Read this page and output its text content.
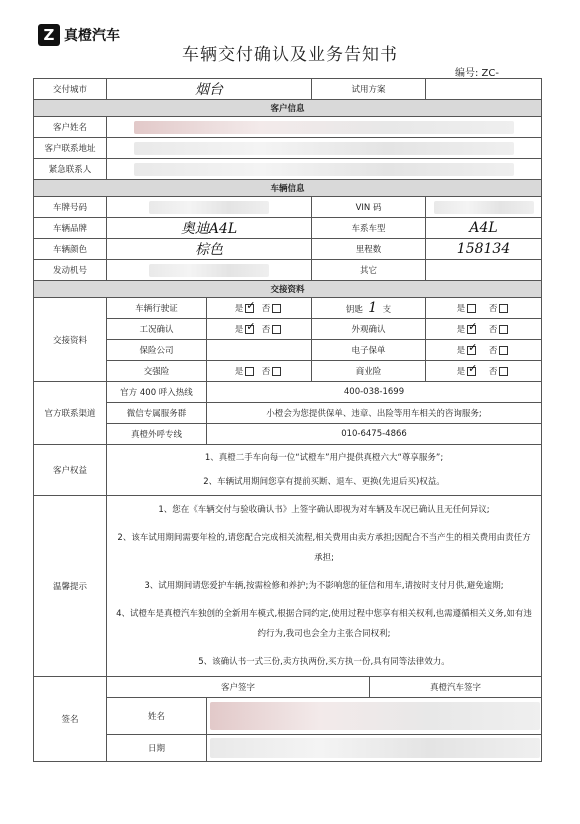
Z 真橙汽车
车辆交付确认及业务告知书
编号: ZC-
交付城市	烟台		试用方案		
客户信息					
客户姓名					
客户联系地址					
紧急联系人					
车辆信息					
车牌号码			VIN 码		
车辆品牌	奥迪A4L		车系车型		A4L
车辆颜色	棕色		里程数		158134
发动机号			其它		
交接资料					
交接资料	车辆行驶证	是 ✓ 否	钥匙 1 支		是 否
	工况确认	是 ✓ 否	外观确认		是 ✓ 否
	保险公司		电子保单		是 ✓ 否
	交强险	是 否	商业险		是 ✓ 否
官方联系渠道	官方 400 呼入热线	400-038-1699			
	微信专属服务群	小橙会为您提供保单、违章、出险等用车相关的咨询服务;			
	真橙外呼专线	010-6475-4866			
客户权益	1、真橙二手车向每一位“试橙车”用户提供真橙六大“尊享服务”;
2、车辆试用期间您享有提前买断、退车、更换(先退后买)权益。				

温馨提示	1、您在《车辆交付与验收确认书》上签字确认即视为对车辆及车况已确认且无任何异议;
2、该车试用期间需要年检的,请您配合完成相关流程,相关费用由卖方承担;因配合不当产生的相关费用由责任方承担;
3、试用期间请您爱护车辆,按需检修和养护;为不影响您的征信和用车,请按时支付月供,避免逾期;
4、试橙车是真橙汽车独创的全新用车模式,根据合同约定,使用过程中您享有相关权利,也需遵循相关义务,如有违约行为,我司也会全力主张合同权利;
5、该确认书一式三份,卖方执两份,买方执一份,具有同等法律效力。				

签名	客户签字			真橙汽车签字	
	姓名				
	日期				
